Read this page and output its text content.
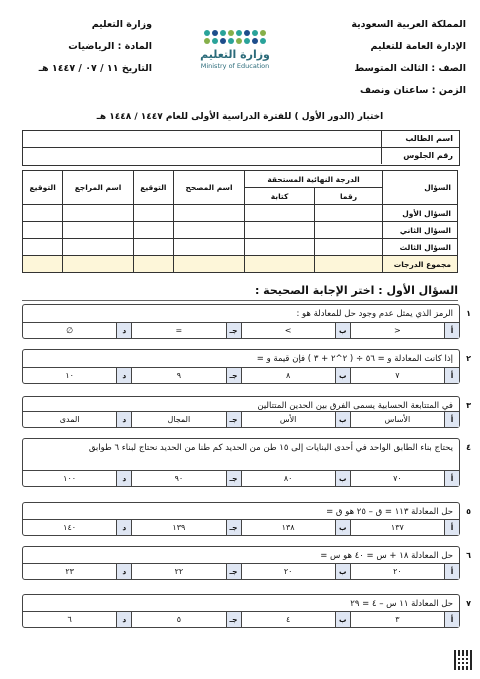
المملكة العربية السعودية
الإدارة العامة للتعليم
الصف : الثالث المتوسط
الزمن : ساعتان ونصف
وزارة التعليم
Ministry of Education
وزارة التعليم
المادة : الرياضيات
التاريخ ١١ / ٠٧ / ١٤٤٧ هـ
اختبار (الدور الأول ) للفترة الدراسية الأولى للعام ١٤٤٧ / ١٤٤٨ هـ
اسم الطالب
رقم الجلوس
السؤال	الدرجة النهائية المستحقة		اسم المصحح	التوقيع	اسم المراجع	التوقيع
	رقما	كتابة				
السؤال الأول						
السؤال الثاني						
السؤال الثالث						
مجموع الدرجات						
السؤال الأول : اختر الإجابة الصحيحة :
١
الرمز الذي يمثل عدم وجود حل للمعادلة هو :
أ
<
ب
>
جـ
=
د
∅
٢
إذا كانت المعادلة و = ٥٦ ÷ ( ٢^٢ + ٣ ) فإن قيمة و =
أ
٧
ب
٨
جـ
٩
د
١٠
٣
في المتتابعة الحسابية يسمى الفرق بين الحدين المتتالين
أ
الأساس
ب
الأس
جـ
المجال
د
المدى
٤
يحتاج بناء الطابق الواحد في أحدى البنايات إلى ١٥ طن من الحديد كم طنا من الحديد نحتاج لبناء ٦ طوابق
أ
٧٠
ب
٨٠
جـ
٩٠
د
١٠٠
٥
حل المعادلة ١١٣ = ق – ٢٥ هو ق =
أ
١٣٧
ب
١٣٨
جـ
١٣٩
د
١٤٠
٦
حل المعادلة ١٨ + س = ٤٠ هو س =
أ
٢٠
ب
٢٠
جـ
٢٢
د
٢٣
٧
حل المعادلة ١١ س – ٤ = ٢٩
أ
٣
ب
٤
جـ
٥
د
٦
